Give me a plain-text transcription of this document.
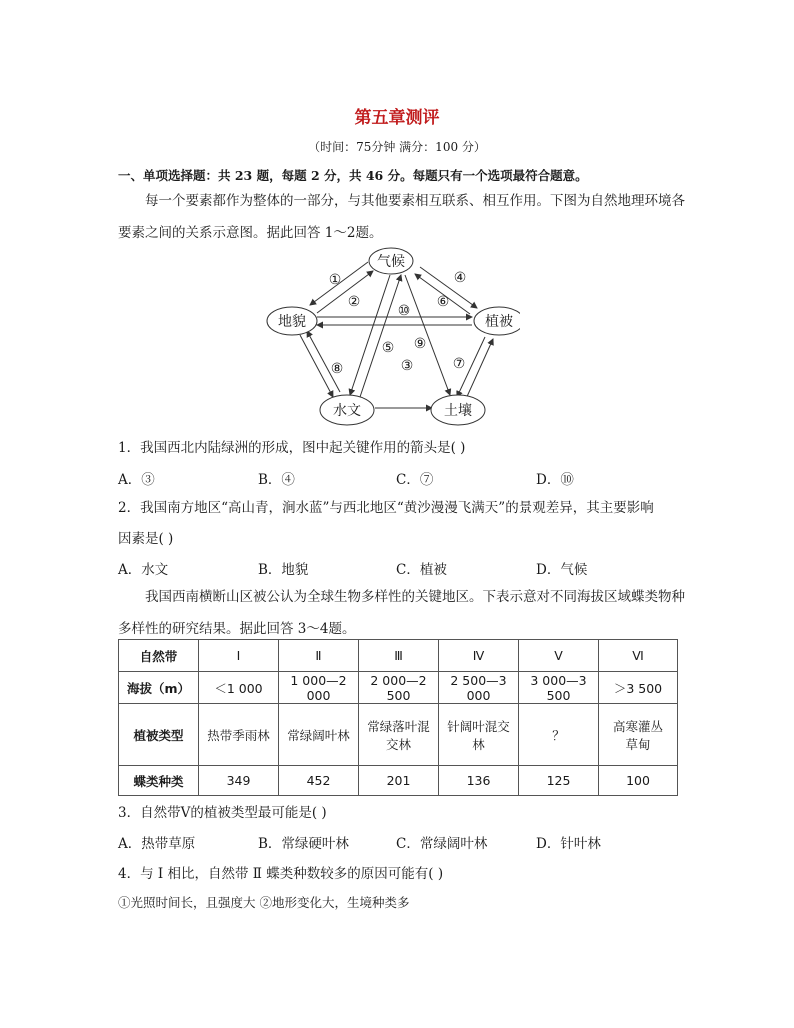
第五章测评
（时间：75分钟 满分：100 分）
一、单项选择题：共 23 题，每题 2 分，共 46 分。每题只有一个选项最符合题意。
每一个要素都作为整体的一部分，与其他要素相互联系、相互作用。下图为自然地理环境各要素之间的关系示意图。据此回答 1～2题。
气候
地貌	植被
水文	土壤
①
②
④
⑥
⑩
⑤ ⑨
③
⑧	⑦
1．我国西北内陆绿洲的形成，图中起关键作用的箭头是( )
A．③	B．④	C．⑦	D．⑩
2．我国南方地区“高山青，涧水蓝”与西北地区“黄沙漫漫飞满天”的景观差异，其主要影响
因素是( )
A．水文	B．地貌	C．植被	D．气候
我国西南横断山区被公认为全球生物多样性的关键地区。下表示意对不同海拔区域蝶类物种多样性的研究结果。据此回答 3～4题。
自然带	Ⅰ	Ⅱ	Ⅲ	Ⅳ	Ⅴ	Ⅵ
海拔（m）	＜1 000	1 000—2 000	2 000—2 500	2 500—3 000	3 000—3 500	＞3 500
植被类型	热带季雨林	常绿阔叶林	常绿落叶混交林	针阔叶混交林	？	高寒灌丛草甸
蝶类种类	349	452	201	136	125	100
3．自然带Ⅴ的植被类型最可能是( )
A．热带草原	B．常绿硬叶林	C．常绿阔叶林	D．针叶林
4．与 Ⅰ 相比，自然带 Ⅱ 蝶类种数较多的原因可能有( )
①光照时间长，且强度大 ②地形变化大，生境种类多
